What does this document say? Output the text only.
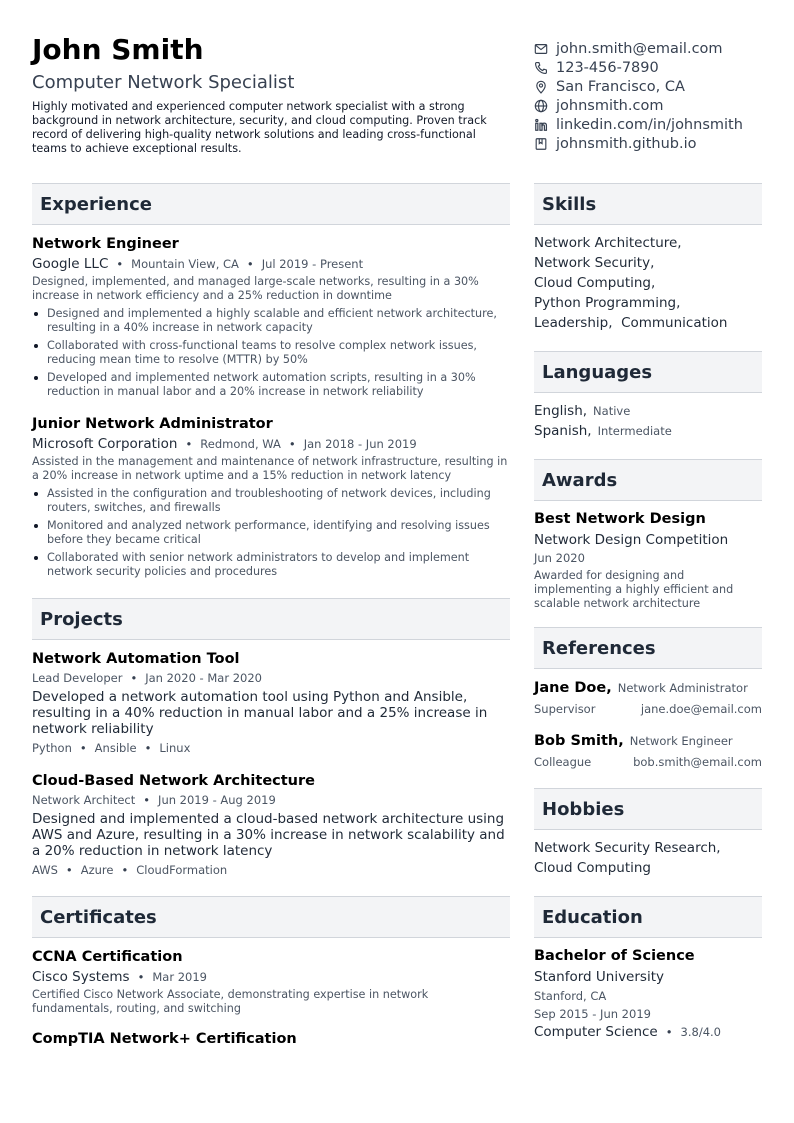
John Smith
Computer Network Specialist
Highly motivated and experienced computer network specialist with a strong background in network architecture, security, and cloud computing. Proven track record of delivering high-quality network solutions and leading cross-functional teams to achieve exceptional results.
john.smith@email.com
123-456-7890
San Francisco, CA
johnsmith.com
linkedin.com/in/johnsmith
johnsmith.github.io
Experience
Network Engineer
Google LLC • Mountain View, CA • Jul 2019 - Present
Designed, implemented, and managed large-scale networks, resulting in a 30% increase in network efficiency and a 25% reduction in downtime
Designed and implemented a highly scalable and efficient network architecture, resulting in a 40% increase in network capacity
Collaborated with cross-functional teams to resolve complex network issues, reducing mean time to resolve (MTTR) by 50%
Developed and implemented network automation scripts, resulting in a 30% reduction in manual labor and a 20% increase in network reliability
Junior Network Administrator
Microsoft Corporation • Redmond, WA • Jan 2018 - Jun 2019
Assisted in the management and maintenance of network infrastructure, resulting in a 20% increase in network uptime and a 15% reduction in network latency
Assisted in the configuration and troubleshooting of network devices, including routers, switches, and firewalls
Monitored and analyzed network performance, identifying and resolving issues before they became critical
Collaborated with senior network administrators to develop and implement network security policies and procedures
Projects
Network Automation Tool
Lead Developer • Jan 2020 - Mar 2020
Developed a network automation tool using Python and Ansible, resulting in a 40% reduction in manual labor and a 25% increase in network reliability
Python • Ansible • Linux
Cloud-Based Network Architecture
Network Architect • Jun 2019 - Aug 2019
Designed and implemented a cloud-based network architecture using AWS and Azure, resulting in a 30% increase in network scalability and a 20% reduction in network latency
AWS • Azure • CloudFormation
Certificates
CCNA Certification
Cisco Systems • Mar 2019
Certified Cisco Network Associate, demonstrating expertise in network fundamentals, routing, and switching
CompTIA Network+ Certification
Skills
Network Architecture,
Network Security,
Cloud Computing,
Python Programming,
Leadership,  Communication
Languages
English, Native
Spanish, Intermediate
Awards
Best Network Design
Network Design Competition
Jun 2020
Awarded for designing and implementing a highly efficient and scalable network architecture
References
Jane Doe, Network Administrator
Supervisor	jane.doe@email.com
Bob Smith, Network Engineer
Colleague	bob.smith@email.com
Hobbies
Network Security Research,
Cloud Computing
Education
Bachelor of Science
Stanford University
Stanford, CA
Sep 2015 - Jun 2019
Computer Science • 3.8/4.0
